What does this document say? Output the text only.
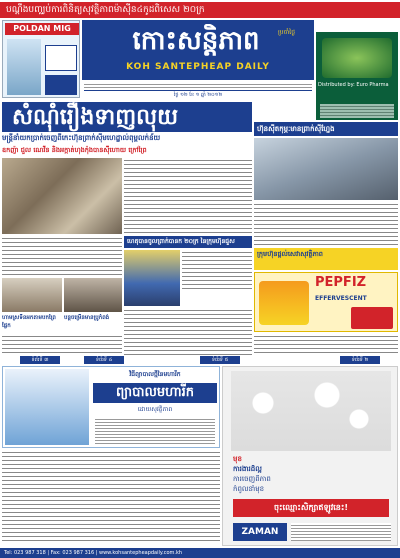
បណ្ដឹងបញ្ឈប់ការពិនិត្យសុវត្ថិភាពម៉ាស៊ីន៤កូដពិសេស ២០ក្រ
POLDAN MIG	កោះសន្តិភាព	ប្រចាំថ្ងៃ
KOH SANTEPHEAP DAILY
ថ្ងៃ ១២ ខែ ១ ឆ្នាំ ២០១២
Distributed by: Euro Pharma
សំណុំរឿងទាញលុយ
មន្ត្រីនាំយកប្រាក់ចេញពីកេះហ៊ុនព្រាក់ស៊ីមហេដ្ឋាល់ពុម្ពលក់ន័យ
ឧកញ៉ា ជួល ណេវីន និងអក្កាត់ហុងក៉ុងបានស៊ីហោយ ក្រៅព្រៃ
ហ៊ុនស៊ីតកុម្ភៈមានព្រាក់ស៊ីហ្នែង
ហេតុបានចូលព្រាក់បានក ២០ក្រ នៃក្រុមហ៊ុនជួស
ក្រុមហ៊ុនផ្ដល់សេវាសុវត្ថិភាព
PEPFIZ
EFFERVESCENT
ហាមស្រទិនអកតាមបកព្រៃផ្លែក
បន្តចម្រើនមានប្រូកំពង់
ទំព័រទី ៣	ទំព័រទី ៤	ទំព័រទី ៥	ទំព័រទី ២
វិធីព្យាបាលថ្មីនៃមហារីក
ព្យាបាលមហារីក
ដោយសុវត្ថិភាព
មុខ
ការងារដ៏ល្អ
ការចេញពីភាព
កំពូលនាំមុខ
ចុះឈ្មោះសិក្សាឥឡូវនេះ!
ZAMAN
Tel: 023 987 318 | Fax: 023 987 316 | www.kohsantepheapdaily.com.kh
